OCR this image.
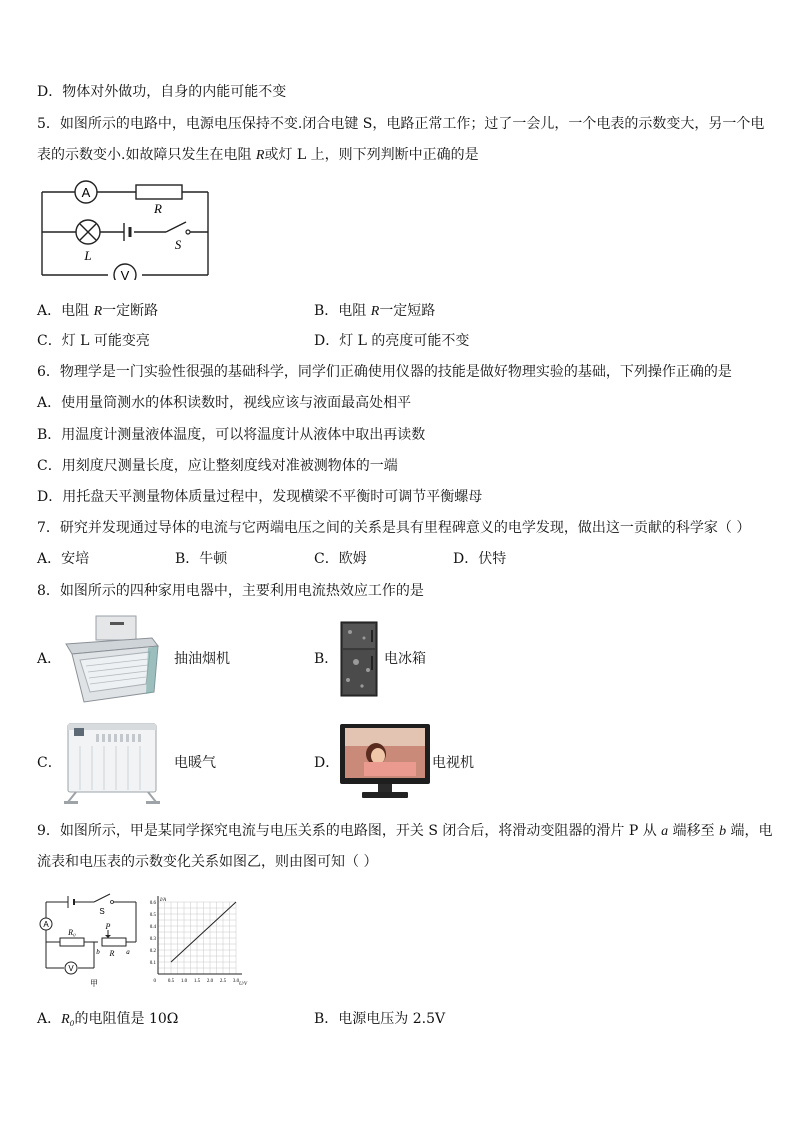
D．物体对外做功，自身的内能可能不变
5．如图所示的电路中，电源电压保持不变.闭合电键 S，电路正常工作；过了一会儿，一个电表的示数变大，另一个电
表的示数变小.如故障只发生在电阻 R或灯 L 上，则下列判断中正确的是
A
R
L
S
V
A．电阻 R一定断路	B．电阻 R一定短路
C．灯 L 可能变亮	D．灯 L 的亮度可能不变
6．物理学是一门实验性很强的基础科学，同学们正确使用仪器的技能是做好物理实验的基础，下列操作正确的是
A．使用量筒测水的体积读数时，视线应该与液面最高处相平
B．用温度计测量液体温度，可以将温度计从液体中取出再读数
C．用刻度尺测量长度，应让整刻度线对准被测物体的一端
D．用托盘天平测量物体质量过程中，发现横梁不平衡时可调节平衡螺母
7．研究并发现通过导体的电流与它两端电压之间的关系是具有里程碑意义的电学发现，做出这一贡献的科学家（ ）
A．安培	B．牛顿	C．欧姆	D．伏特
8．如图所示的四种家用电器中，主要利用电流热效应工作的是
A．	抽油烟机	B．	电冰箱
C．	电暖气	D．	电视机
9．如图所示，甲是某同学探究电流与电压关系的电路图，开关 S 闭合后，将滑动变阻器的滑片 P 从 a 端移至 b 端，电
流表和电压表的示数变化关系如图乙，则由图可知（ ）
S
A
R₀
P
b R a
V
甲
I/A
U/V
0.6
0.5
0.4
0.3
0.2
0.1
0.5 1.0 1.5 2.0 2.5 3.0
0
A．R₀的电阻值是 10Ω	B．电源电压为 2.5V
